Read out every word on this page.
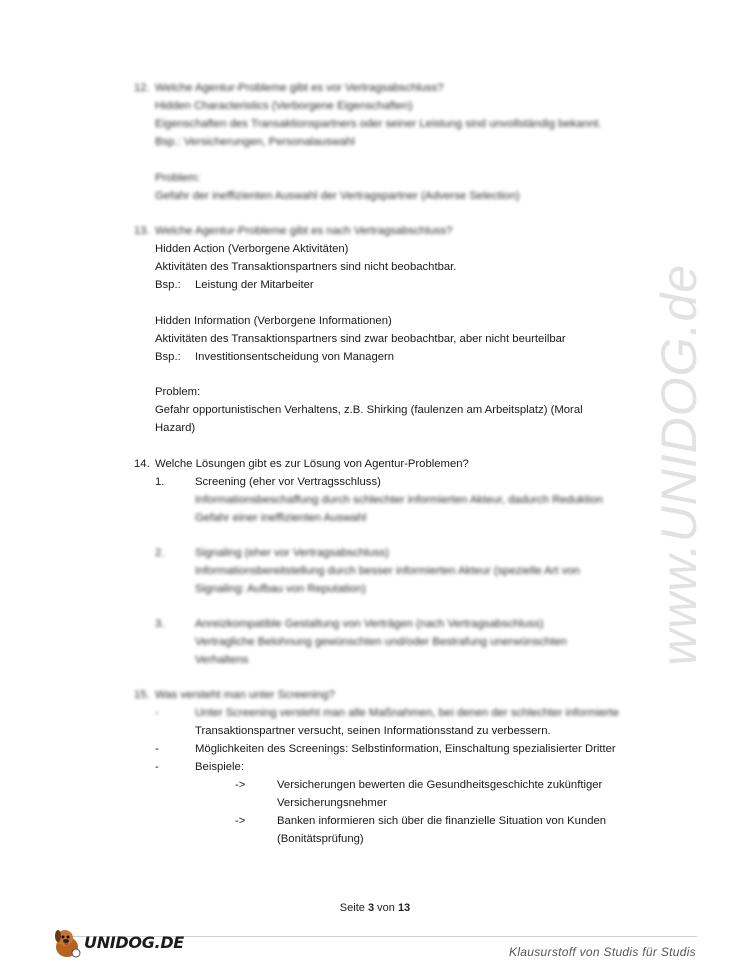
www.UNIDOG.de
12. Welche Agentur-Probleme gibt es vor Vertragsabschluss?
Hidden Characteristics (Verborgene Eigenschaften)
Eigenschaften des Transaktionspartners oder seiner Leistung sind unvollständig bekannt.
Bsp.: Versicherungen, Personalauswahl
Problem:
Gefahr der ineffizienten Auswahl der Vertragspartner (Adverse Selection)
13. Welche Agentur-Probleme gibt es nach Vertragsabschluss?
Hidden Action (Verborgene Aktivitäten)
Aktivitäten des Transaktionspartners sind nicht beobachtbar.
Bsp.: Leistung der Mitarbeiter
Hidden Information (Verborgene Informationen)
Aktivitäten des Transaktionspartners sind zwar beobachtbar, aber nicht beurteilbar
Bsp.: Investitionsentscheidung von Managern
Problem:
Gefahr opportunistischen Verhaltens, z.B. Shirking (faulenzen am Arbeitsplatz) (Moral
Hazard)
14. Welche Lösungen gibt es zur Lösung von Agentur-Problemen?
1.	Screening (eher vor Vertragsschluss)
Informationsbeschaffung durch schlechter informierten Akteur, dadurch Reduktion
Gefahr einer ineffizienten Auswahl
2.	Signaling (eher vor Vertragsabschluss)
Informationsbereitstellung durch besser informierten Akteur (spezielle Art von
Signaling: Aufbau von Reputation)
3.	Anreizkompatible Gestaltung von Verträgen (nach Vertragsabschluss)
Vertragliche Belohnung gewünschten und/oder Bestrafung unerwünschten
Verhaltens
15. Was versteht man unter Screening?
-	Unter Screening versteht man alle Maßnahmen, bei denen der schlechter informierte
Transaktionspartner versucht, seinen Informationsstand zu verbessern.
-	Möglichkeiten des Screenings: Selbstinformation, Einschaltung spezialisierter Dritter
-	Beispiele:
->	Versicherungen bewerten die Gesundheitsgeschichte zukünftiger
Versicherungsnehmer
->	Banken informieren sich über die finanzielle Situation von Kunden
(Bonitätsprüfung)
Seite 3 von 13
UNIDOG.DE	Klausurstoff von Studis für Studis
